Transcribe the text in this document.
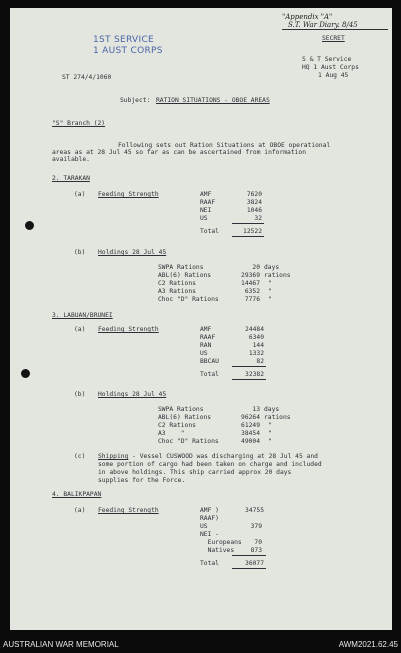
1ST SERVICE
1 AUST CORPS
"Appendix "A"
S.T. War Diary. 8/45
SECRET
S & T Service
HQ 1 Aust Corps
1 Aug 45
ST 274/4/1060
Subject: RATION SITUATIONS - OBOE AREAS
"S" Branch (2)
Following sets out Ration Situations at OBOE operational
areas as at 28 Jul 45 so far as can be ascertained from information
available.
2. TARAKAN
(a) Feeding Strength	AMF	7620
RAAF	3824
NEI	1046
US	32
Total	12522
(b) Holdings 28 Jul 45
SWPA Rations	20 days
ABL(6) Rations	29369 rations
C2 Rations	14467 "
A3 Rations	6352 "
Choc "D" Rations	7776 "
3. LABUAN/BRUNEI
(a) Feeding Strength	AMF	24484
RAAF	6340
RAN	144
US	1332
BBCAU	82
Total	32382
(b) Holdings 28 Jul 45
SWPA Rations	13 days
ABL(6) Rations	96264 rations
C2 Rations	61249 "
A3    "	38454 "
Choc "D" Rations	49004 "
(c) Shipping - Vessel CUSWOOD was discharging at 28 Jul 45 and
some portion of cargo had been taken on charge and included
in above holdings. This ship carried approx 20 days
supplies for the Force.
4. BALIKPAPAN
(a) Feeding Strength	AMF )	34755
RAAF)
US	379
NEI -
Europeans	70
Natives	873
Total	36077
AUSTRALIAN WAR MEMORIAL	AWM2021.62.45
